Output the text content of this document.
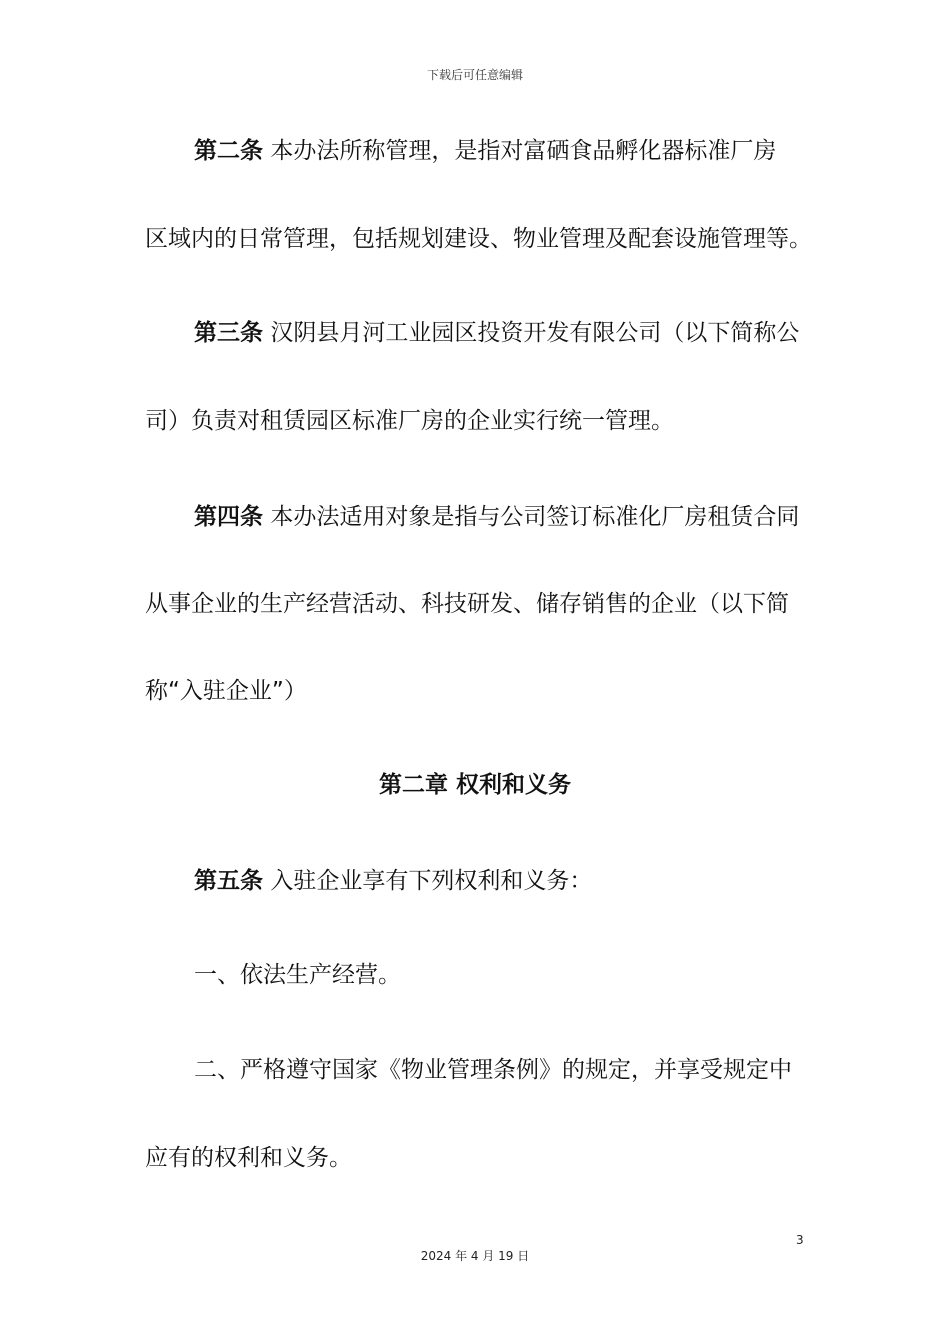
下载后可任意编辑
第二条 本办法所称管理，是指对富硒食品孵化器标准厂房
区域内的日常管理，包括规划建设、物业管理及配套设施管理等。
第三条 汉阴县月河工业园区投资开发有限公司（以下简称公
司）负责对租赁园区标准厂房的企业实行统一管理。
第四条 本办法适用对象是指与公司签订标准化厂房租赁合同
从事企业的生产经营活动、科技研发、储存销售的企业（以下简
称“入驻企业”）
第二章 权利和义务
第五条 入驻企业享有下列权利和义务：
一、依法生产经营。
二、严格遵守国家《物业管理条例》的规定，并享受规定中
应有的权利和义务。
3
2024 年 4 月 19 日
